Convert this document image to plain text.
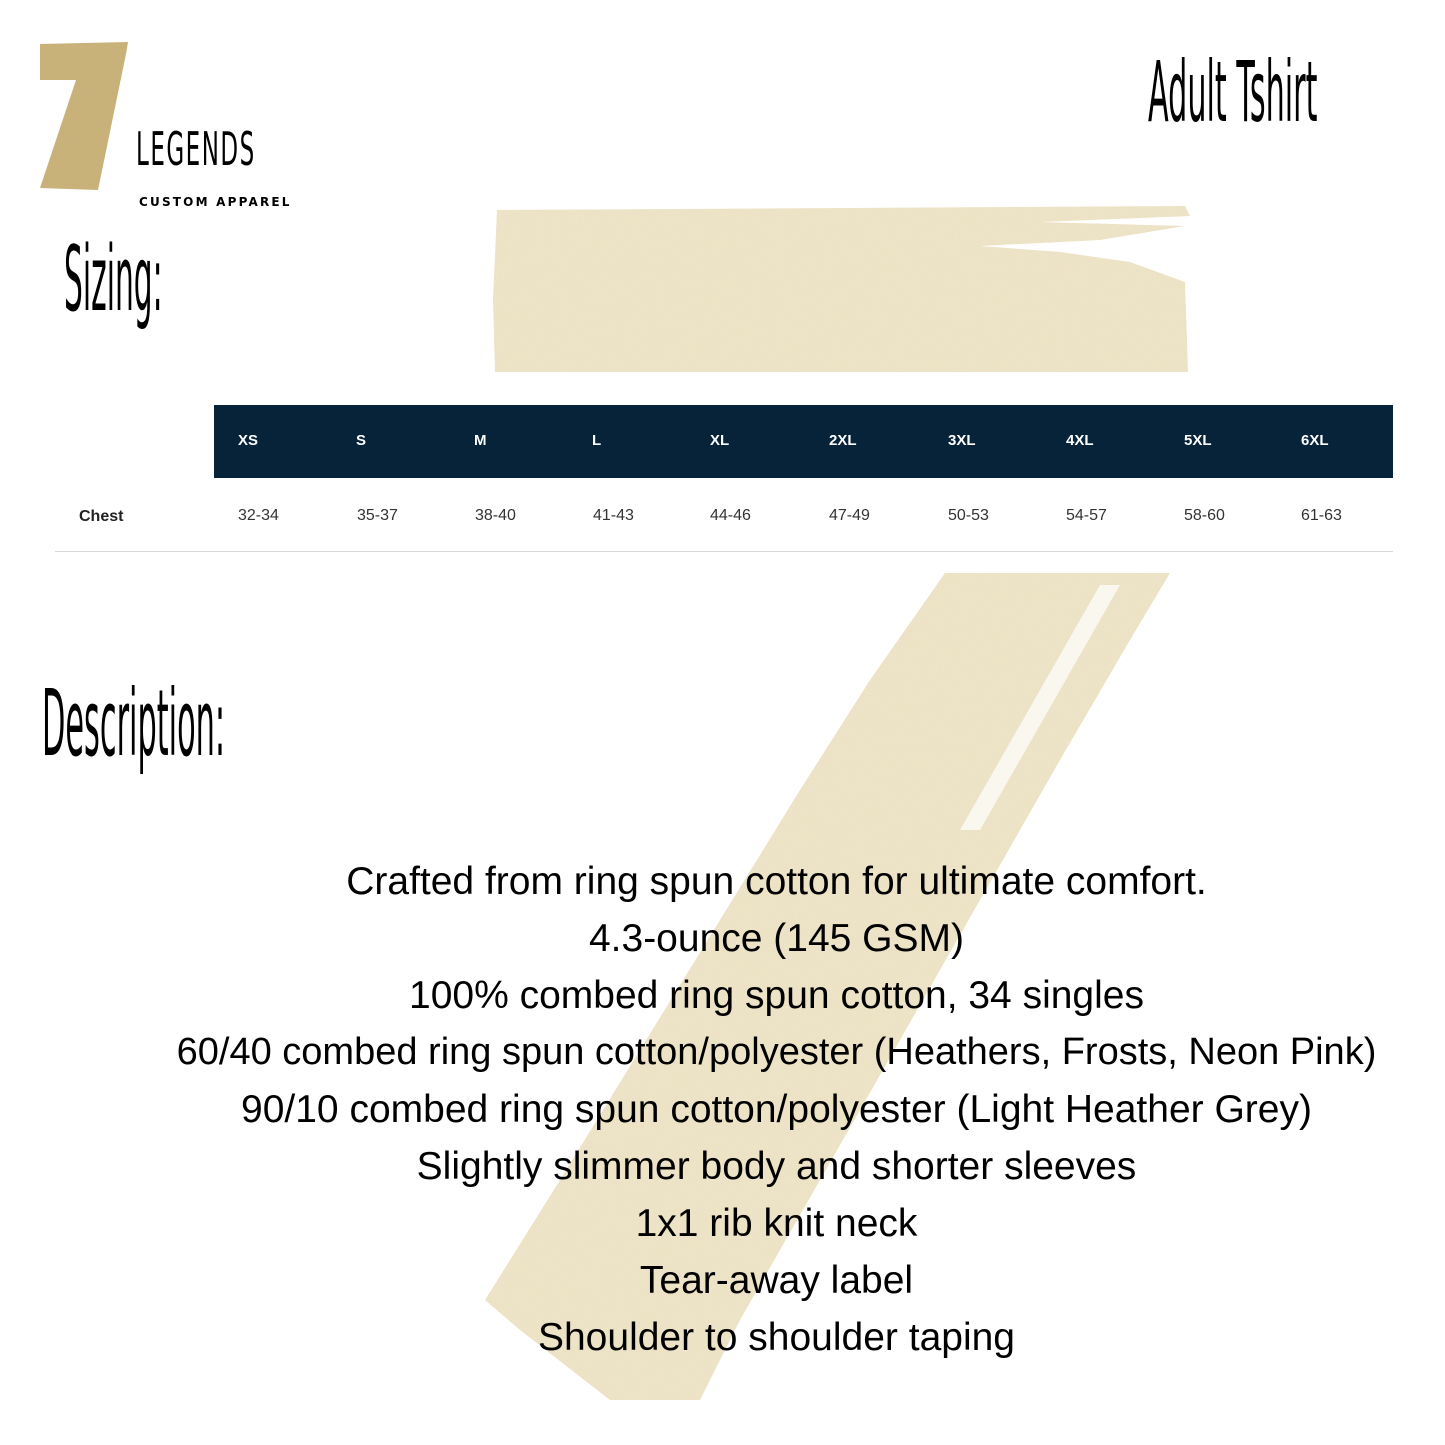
LEGENDS
CUSTOM APPAREL
Adult Tshirt
Sizing:
XS	S	M	L	XL	2XL	3XL	4XL	5XL	6XL
Chest	32-34	35-37	38-40	41-43	44-46	47-49	50-53	54-57	58-60	61-63
Description:
Crafted from ring spun cotton for ultimate comfort.
4.3-ounce (145 GSM)
100% combed ring spun cotton, 34 singles
60/40 combed ring spun cotton/polyester (Heathers, Frosts, Neon Pink)
90/10 combed ring spun cotton/polyester (Light Heather Grey)
Slightly slimmer body and shorter sleeves
1x1 rib knit neck
Tear-away label
Shoulder to shoulder taping
